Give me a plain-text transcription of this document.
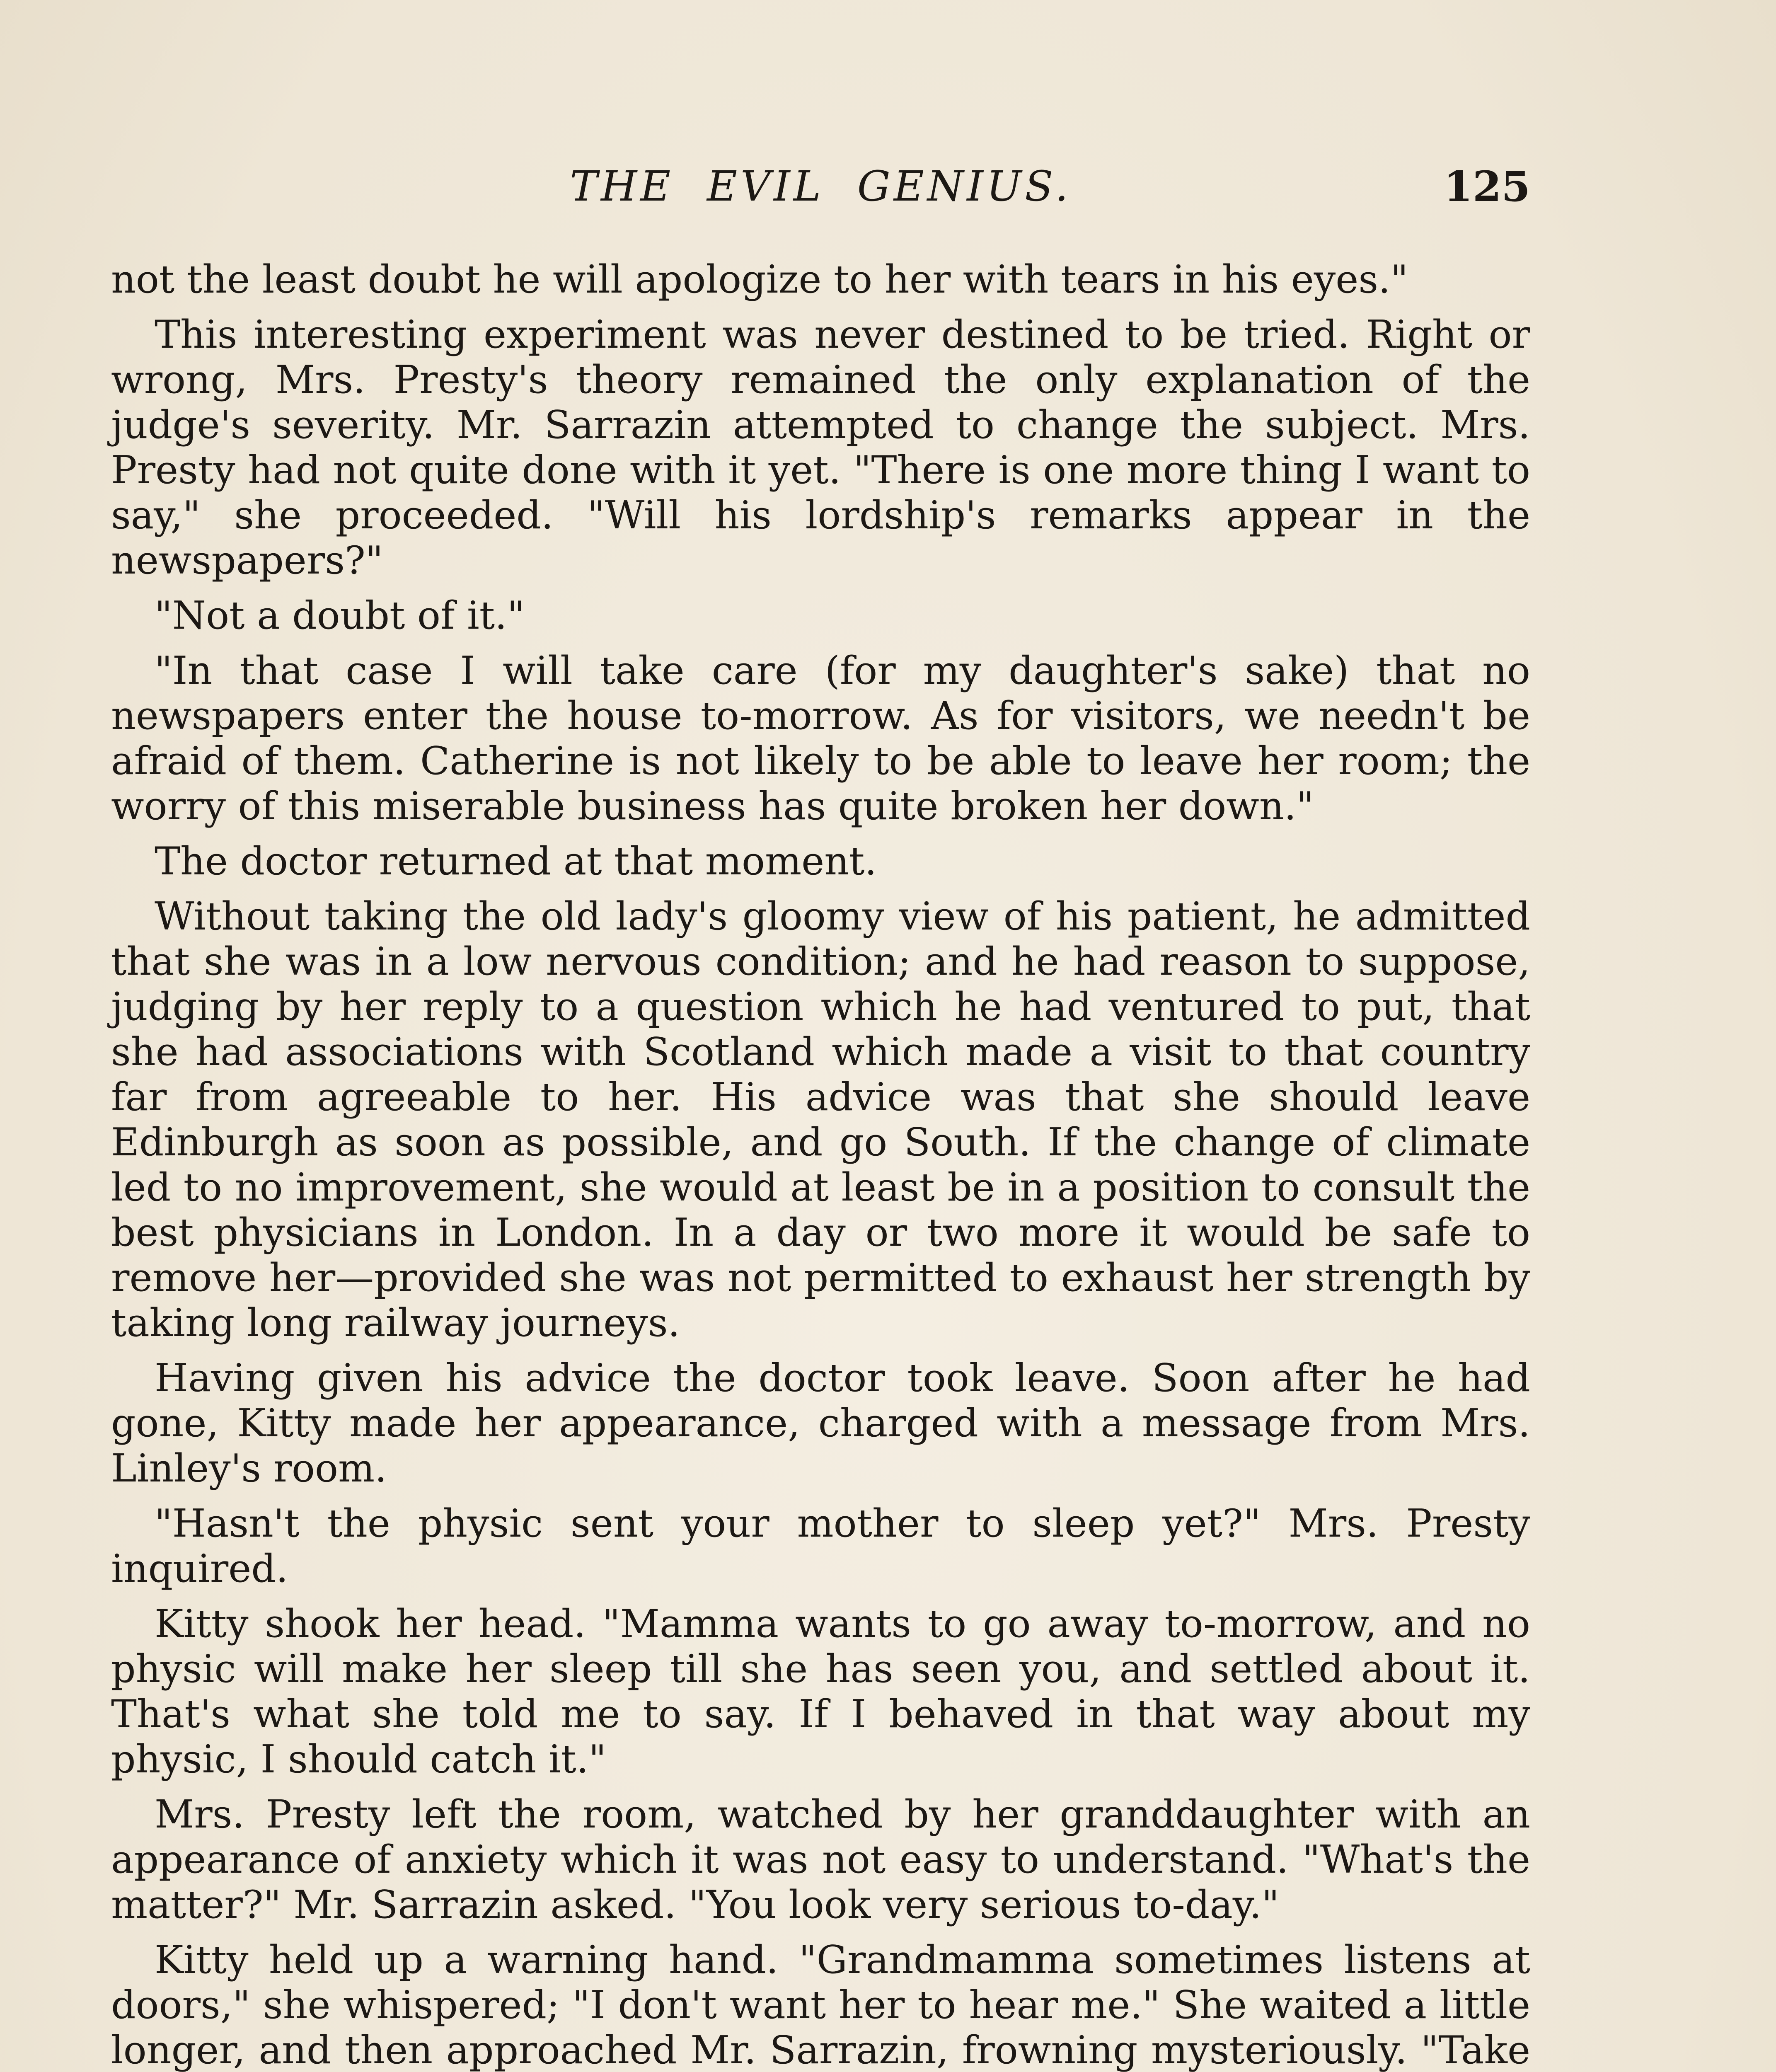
THE EVIL GENIUS.	125

not the least doubt he will apologize to her with tears in his eyes."

This interesting experiment was never destined to be tried. Right or wrong, Mrs. Presty's theory remained the only explanation of the judge's severity. Mr. Sarrazin attempted to change the subject. Mrs. Presty had not quite done with it yet. "There is one more thing I want to say," she proceeded. "Will his lordship's remarks appear in the newspapers?"

"Not a doubt of it."

"In that case I will take care (for my daughter's sake) that no newspapers enter the house to-morrow. As for visitors, we needn't be afraid of them. Catherine is not likely to be able to leave her room; the worry of this miserable business has quite broken her down."

The doctor returned at that moment.

Without taking the old lady's gloomy view of his patient, he admitted that she was in a low nervous condition; and he had reason to suppose, judging by her reply to a question which he had ventured to put, that she had associations with Scotland which made a visit to that country far from agreeable to her. His advice was that she should leave Edinburgh as soon as possible, and go South. If the change of climate led to no improvement, she would at least be in a position to consult the best physicians in London. In a day or two more it would be safe to remove her—provided she was not permitted to exhaust her strength by taking long railway journeys.

Having given his advice the doctor took leave. Soon after he had gone, Kitty made her appearance, charged with a message from Mrs. Linley's room.

"Hasn't the physic sent your mother to sleep yet?" Mrs. Presty inquired.

Kitty shook her head. "Mamma wants to go away to-morrow, and no physic will make her sleep till she has seen you, and settled about it. That's what she told me to say. If I behaved in that way about my physic, I should catch it."

Mrs. Presty left the room, watched by her granddaughter with an appearance of anxiety which it was not easy to understand. "What's the matter?" Mr. Sarrazin asked. "You look very serious to-day."

Kitty held up a warning hand. "Grandmamma sometimes listens at doors," she whispered; "I don't want her to hear me." She waited a little longer, and then approached Mr. Sarrazin, frowning mysteriously. "Take
